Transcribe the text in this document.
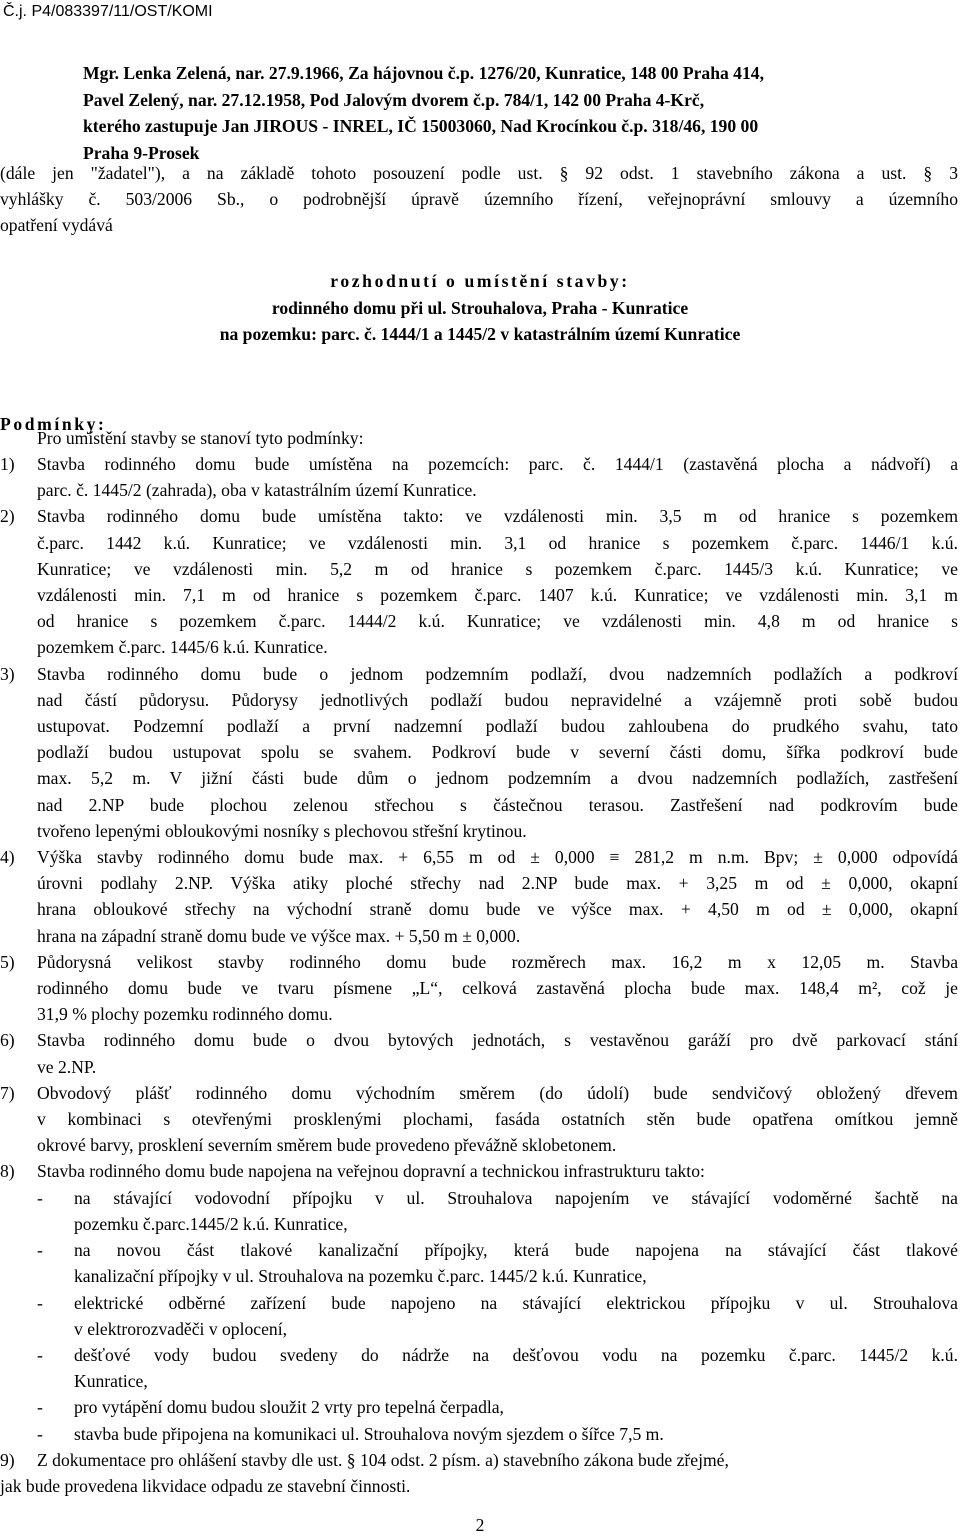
Č.j. P4/083397/11/OST/KOMI
Mgr. Lenka Zelená, nar. 27.9.1966, Za hájovnou č.p. 1276/20, Kunratice, 148 00 Praha 414,
Pavel Zelený, nar. 27.12.1958, Pod Jalovým dvorem č.p. 784/1, 142 00 Praha 4-Krč,
kterého zastupuje Jan JIROUS - INREL, IČ 15003060, Nad Krocínkou č.p. 318/46, 190 00
Praha 9-Prosek
(dále jen "žadatel"), a na základě tohoto posouzení podle ust. § 92 odst. 1 stavebního zákona a ust. § 3
vyhlášky č. 503/2006 Sb., o podrobnější úpravě územního řízení, veřejnoprávní smlouvy a územního
opatření vydává
rozhodnutí o umístění stavby:
rodinného domu při ul. Strouhalova, Praha - Kunratice
na pozemku: parc. č. 1444/1 a 1445/2 v katastrálním území Kunratice
Podmínky:
Pro umístění stavby se stanoví tyto podmínky:
1) Stavba rodinného domu bude umístěna na pozemcích: parc. č. 1444/1 (zastavěná plocha a nádvoří) a
parc. č. 1445/2 (zahrada), oba v katastrálním území Kunratice.
2) Stavba rodinného domu bude umístěna takto: ve vzdálenosti min. 3,5 m od hranice s pozemkem
č.parc. 1442 k.ú. Kunratice; ve vzdálenosti min. 3,1 od hranice s pozemkem č.parc. 1446/1 k.ú.
Kunratice; ve vzdálenosti min. 5,2 m od hranice s pozemkem č.parc. 1445/3 k.ú. Kunratice; ve
vzdálenosti min. 7,1 m od hranice s pozemkem č.parc. 1407 k.ú. Kunratice; ve vzdálenosti min. 3,1 m
od hranice s pozemkem č.parc. 1444/2 k.ú. Kunratice; ve vzdálenosti min. 4,8 m od hranice s
pozemkem č.parc. 1445/6 k.ú. Kunratice.
3) Stavba rodinného domu bude o jednom podzemním podlaží, dvou nadzemních podlažích a podkroví
nad částí půdorysu. Půdorysy jednotlivých podlaží budou nepravidelné a vzájemně proti sobě budou
ustupovat. Podzemní podlaží a první nadzemní podlaží budou zahloubena do prudkého svahu, tato
podlaží budou ustupovat spolu se svahem. Podkroví bude v severní části domu, šířka podkroví bude
max. 5,2 m. V jižní části bude dům o jednom podzemním a dvou nadzemních podlažích, zastřešení
nad 2.NP bude plochou zelenou střechou s částečnou terasou. Zastřešení nad podkrovím bude
tvořeno lepenými obloukovými nosníky s plechovou střešní krytinou.
4) Výška stavby rodinného domu bude max. + 6,55 m od ± 0,000 ≡ 281,2 m n.m. Bpv; ± 0,000 odpovídá
úrovni podlahy 2.NP. Výška atiky ploché střechy nad 2.NP bude max. + 3,25 m od ± 0,000, okapní
hrana obloukové střechy na východní straně domu bude ve výšce max. + 4,50 m od ± 0,000, okapní
hrana na západní straně domu bude ve výšce max. + 5,50 m ± 0,000.
5) Půdorysná velikost stavby rodinného domu bude rozměrech max. 16,2 m x 12,05 m. Stavba
rodinného domu bude ve tvaru písmene „L“, celková zastavěná plocha bude max. 148,4 m², což je
31,9 % plochy pozemku rodinného domu.
6) Stavba rodinného domu bude o dvou bytových jednotách, s vestavěnou garáží pro dvě parkovací stání
ve 2.NP.
7) Obvodový plášť rodinného domu východním směrem (do údolí) bude sendvičový obložený dřevem
v kombinaci s otevřenými prosklenými plochami, fasáda ostatních stěn bude opatřena omítkou jemně
okrové barvy, prosklení severním směrem bude provedeno převážně sklobetonem.
8) Stavba rodinného domu bude napojena na veřejnou dopravní a technickou infrastrukturu takto:
- na stávající vodovodní přípojku v ul. Strouhalova napojením ve stávající vodoměrné šachtě na
pozemku č.parc.1445/2 k.ú. Kunratice,
- na novou část tlakové kanalizační přípojky, která bude napojena na stávající část tlakové
kanalizační přípojky v ul. Strouhalova na pozemku č.parc. 1445/2 k.ú. Kunratice,
- elektrické odběrné zařízení bude napojeno na stávající elektrickou přípojku v ul. Strouhalova
v elektrorozvaděči v oplocení,
- dešťové vody budou svedeny do nádrže na dešťovou vodu na pozemku č.parc. 1445/2 k.ú.
Kunratice,
- pro vytápění domu budou sloužit 2 vrty pro tepelná čerpadla,
- stavba bude připojena na komunikaci ul. Strouhalova novým sjezdem o šířce 7,5 m.
9) Z dokumentace pro ohlášení stavby dle ust. § 104 odst. 2 písm. a) stavebního zákona bude zřejmé,
jak bude provedena likvidace odpadu ze stavební činnosti.
2
